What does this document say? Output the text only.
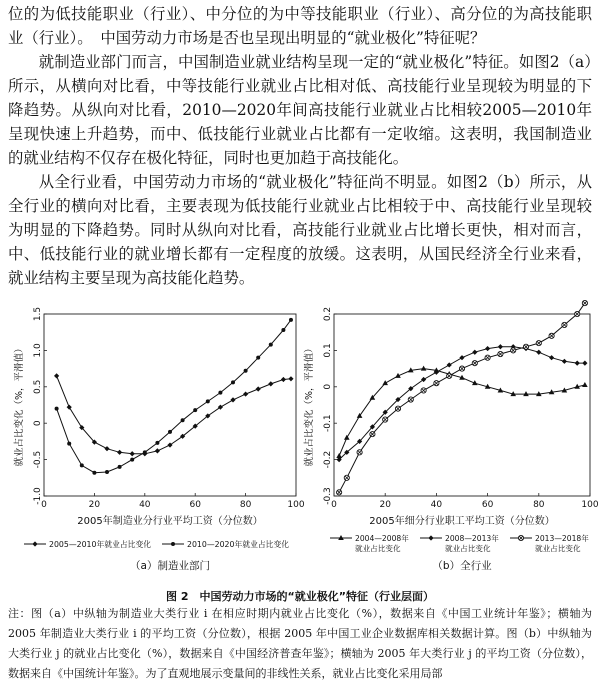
位的为低技能职业（行业）、中分位的为中等技能职业（行业）、高分位的为高技能职业（行业）。　中国劳动力市场是否也呈现出明显的“就业极化”特征呢？

就制造业部门而言，中国制造业就业结构呈现一定的“就业极化”特征。如图2（a）所示，从横向对比看，中等技能行业就业占比相对低、高技能行业呈现较为明显的下降趋势。从纵向对比看，2010—2020年间高技能行业就业占比相较2005—2010年呈现快速上升趋势，而中、低技能行业就业占比都有一定收缩。这表明，我国制造业的就业结构不仅存在极化特征，同时也更加趋于高技能化。

从全行业看，中国劳动力市场的“就业极化”特征尚不明显。如图2（b）所示，从全行业的横向对比看，主要表现为低技能行业就业占比相较于中、高技能行业呈现较为明显的下降趋势。同时从纵向对比看，高技能行业就业占比增长更快，相对而言，中、低技能行业的就业增长都有一定程度的放缓。这表明，从国民经济全行业来看，就业结构主要呈现为高技能化趋势。

0	20	40	60	80	100
-1.0
-0.5
0
0.5
1.0
1.5
就业占比变化（%，平滑值）
2005年制造业分行业平均工资（分位数）
2005—2010年就业占比变化	2010—2020年就业占比变化
（a）制造业部门
0	20	40	60	80	100
-0.3
-0.2
-0.1
0
0.1
0.2
就业占比变化（%，平滑值）
2005年细分行业职工平均工资（分位数）
2004—2008年
就业占比变化
2008—2013年
就业占比变化
2013—2018年
就业占比变化
（b）全行业
图 2　中国劳动力市场的“就业极化”特征（行业层面）

注：图（a）中纵轴为制造业大类行业 i 在相应时期内就业占比变化（%），数据来自《中国工业统计年鉴》；横轴为 2005 年制造业大类行业 i 的平均工资（分位数），根据 2005 年中国工业企业数据库相关数据计算。图（b）中纵轴为大类行业 j 的就业占比变化（%），数据来自《中国经济普查年鉴》；横轴为 2005 年大类行业 j 的平均工资（分位数），数据来自《中国统计年鉴》。为了直观地展示变量间的非线性关系，就业占比变化采用局部
